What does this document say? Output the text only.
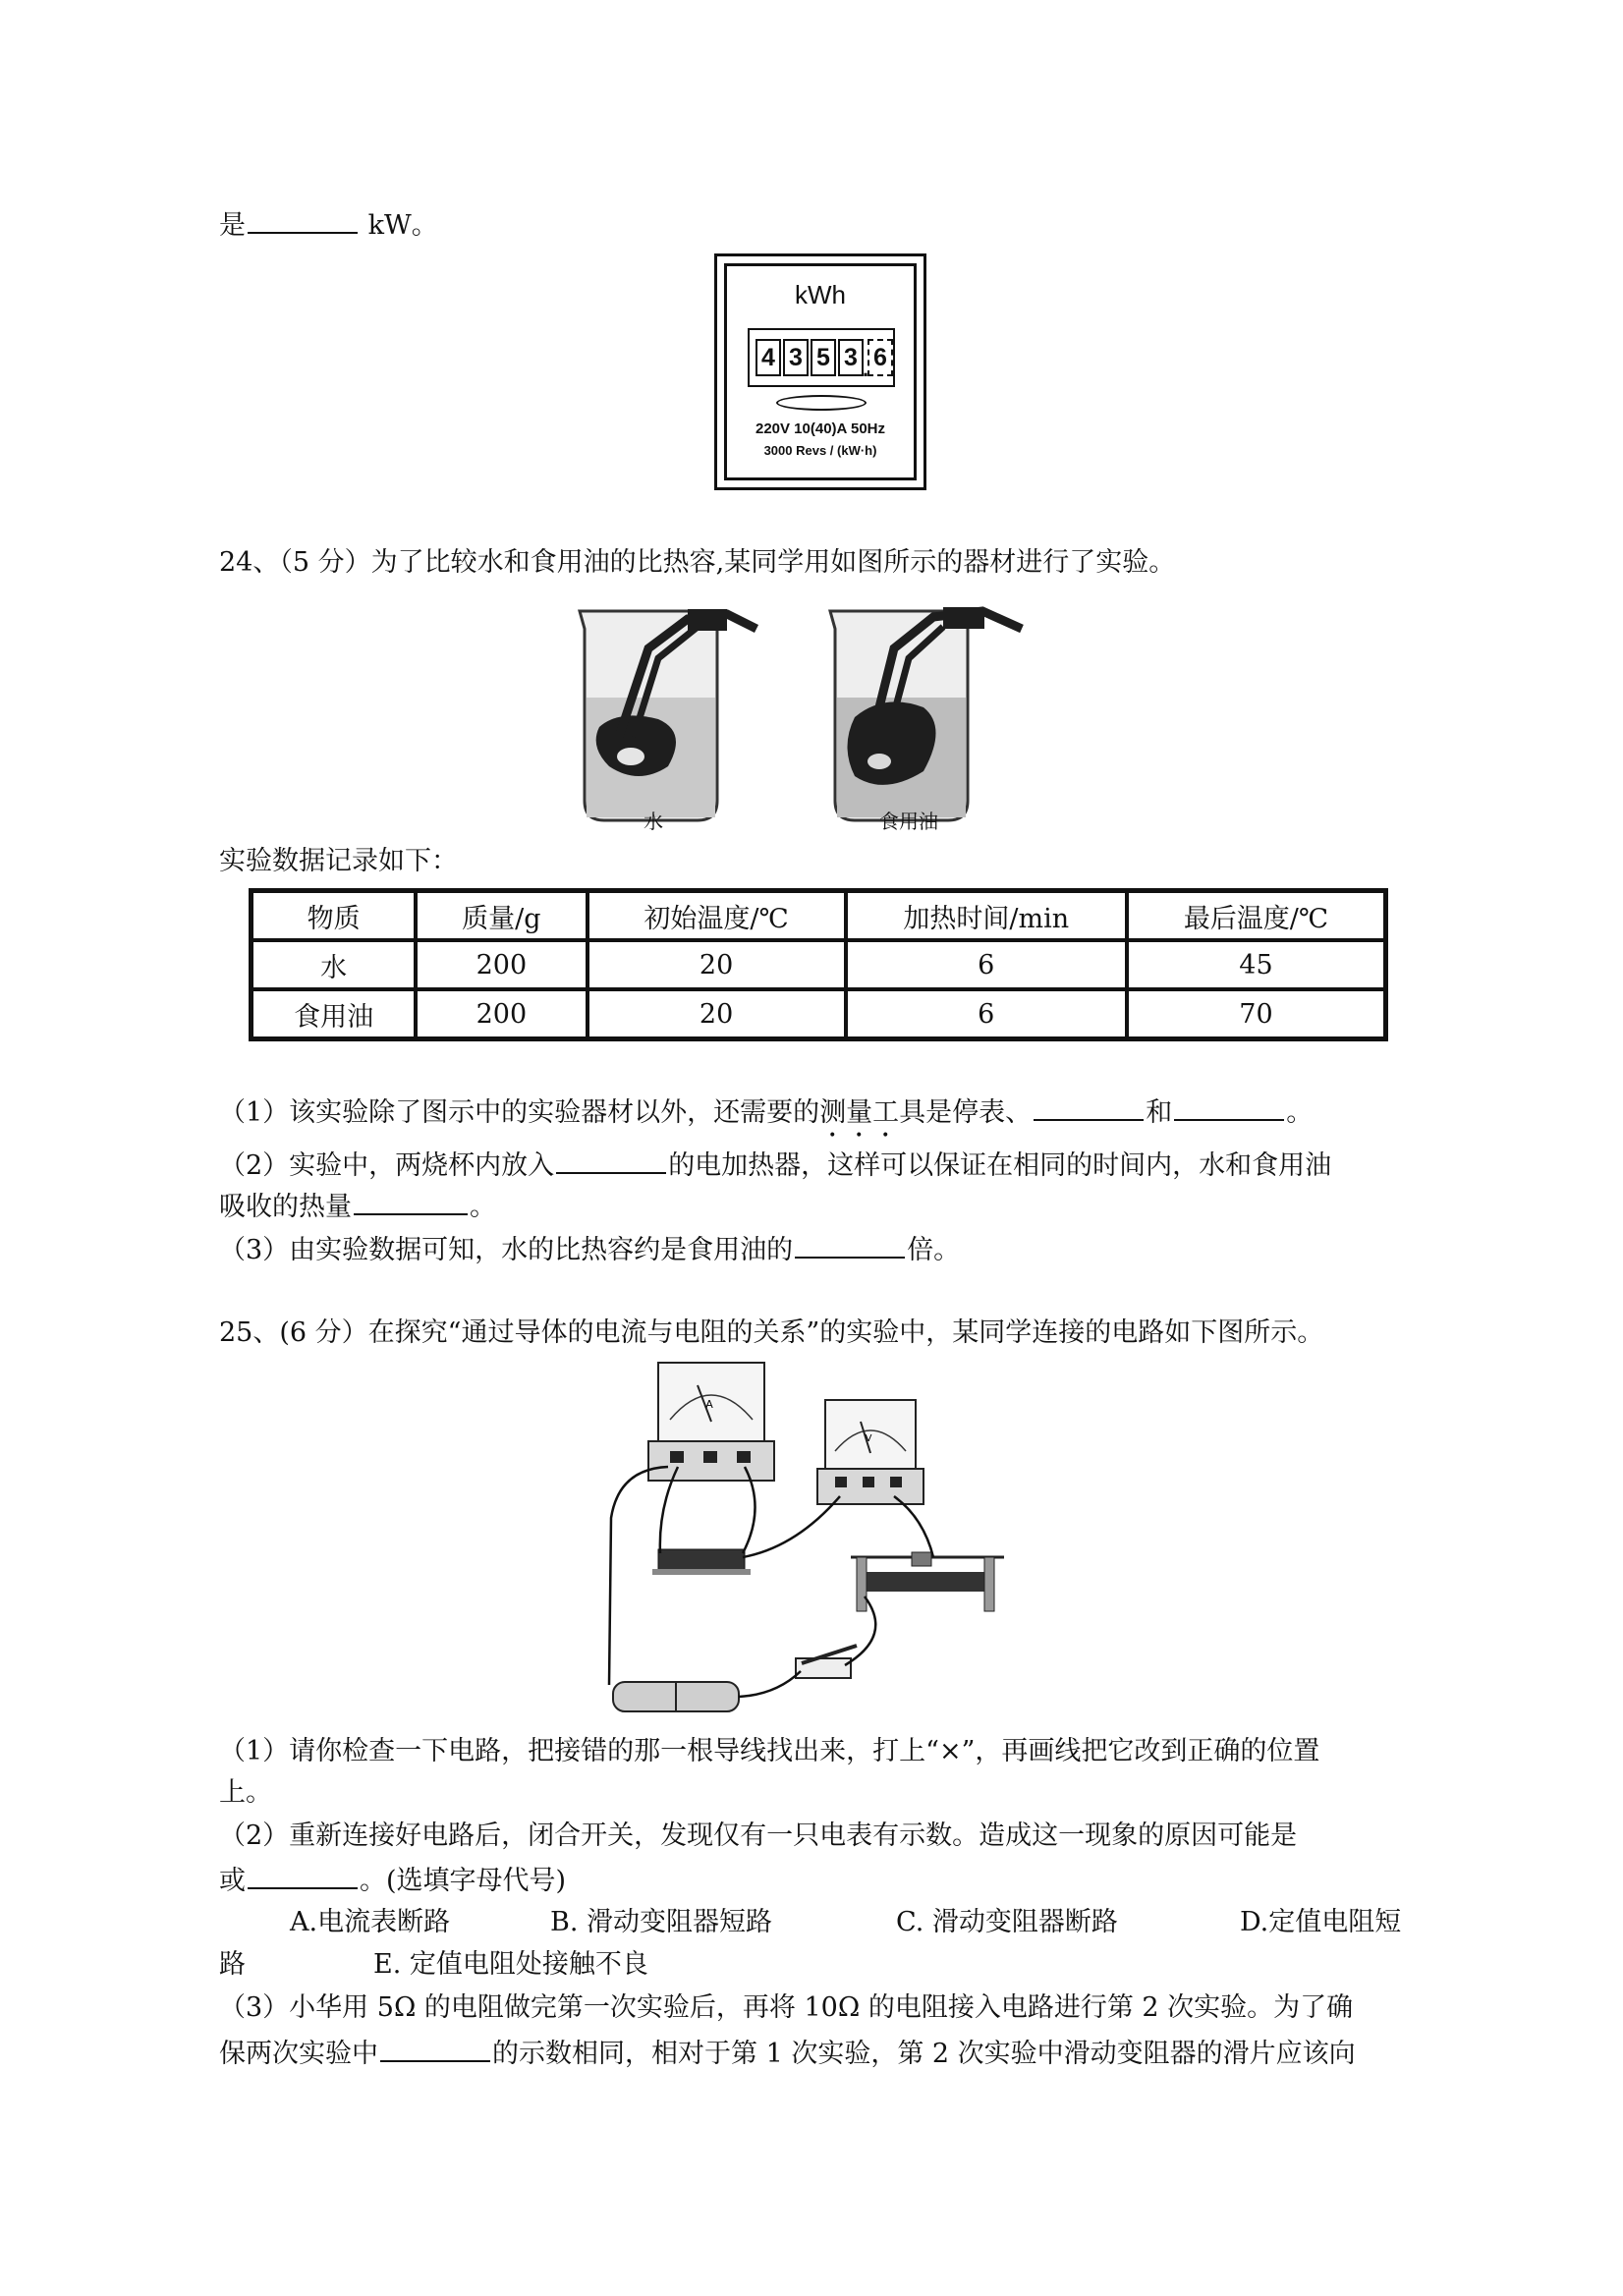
是	kW。
kWh
4 3 5 3 . 6
220V 10(40)A 50Hz
3000 Revs / (kW·h)
24、（5 分）为了比较水和食用油的比热容,某同学用如图所示的器材进行了实验。
水	食用油
实验数据记录如下：
物质	质量/g	初始温度/℃	加热时间/min	最后温度/℃
水	200	20	6	45
食用油	200	20	6	70
（1）该实验除了图示中的实验器材以外，还需要的测量工具是停表、	和	。
（2）实验中，两烧杯内放入	的电加热器，这样可以保证在相同的时间内，水和食用油
吸收的热量	。
（3）由实验数据可知，水的比热容约是食用油的	倍。
25、(6 分）在探究“通过导体的电流与电阻的关系”的实验中，某同学连接的电路如下图所示。
A
V
（1）请你检查一下电路，把接错的那一根导线找出来，打上“×”，再画线把它改到正确的位置
上。
（2）重新连接好电路后，闭合开关，发现仅有一只电表有示数。造成这一现象的原因可能是
或	。(选填字母代号)
A.电流表断路	B. 滑动变阻器短路	C. 滑动变阻器断路	D.定值电阻短
路	E. 定值电阻处接触不良
（3）小华用 5Ω 的电阻做完第一次实验后，再将 10Ω 的电阻接入电路进行第 2 次实验。为了确
保两次实验中	的示数相同，相对于第 1 次实验，第 2 次实验中滑动变阻器的滑片应该向
